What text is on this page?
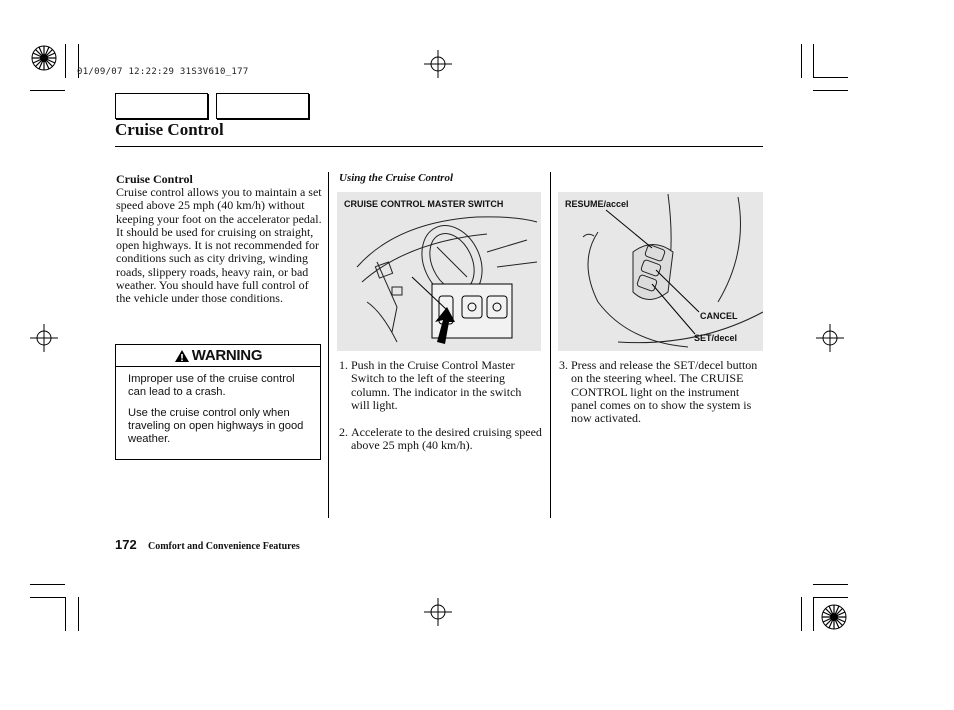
01/09/07 12:22:29 31S3V610_177
Cruise Control
Cruise Control
Cruise control allows you to maintain a set speed above 25 mph (40 km/h) without keeping your foot on the accelerator pedal. It should be used for cruising on straight, open highways. It is not recommended for conditions such as city driving, winding roads, slippery roads, heavy rain, or bad weather. You should have full control of the vehicle under those conditions.
WARNING

Improper use of the cruise control can lead to a crash.

Use the cruise control only when traveling on open highways in good weather.

Using the Cruise Control
CRUISE CONTROL MASTER SWITCH
1. Push in the Cruise Control Master Switch to the left of the steering column. The indicator in the switch will light.
2. Accelerate to the desired cruising speed above 25 mph (40 km/h).
RESUME/accel
CANCEL
SET/decel
3. Press and release the SET/decel button on the steering wheel. The CRUISE CONTROL light on the instrument panel comes on to show the system is now activated.
172 Comfort and Convenience Features
